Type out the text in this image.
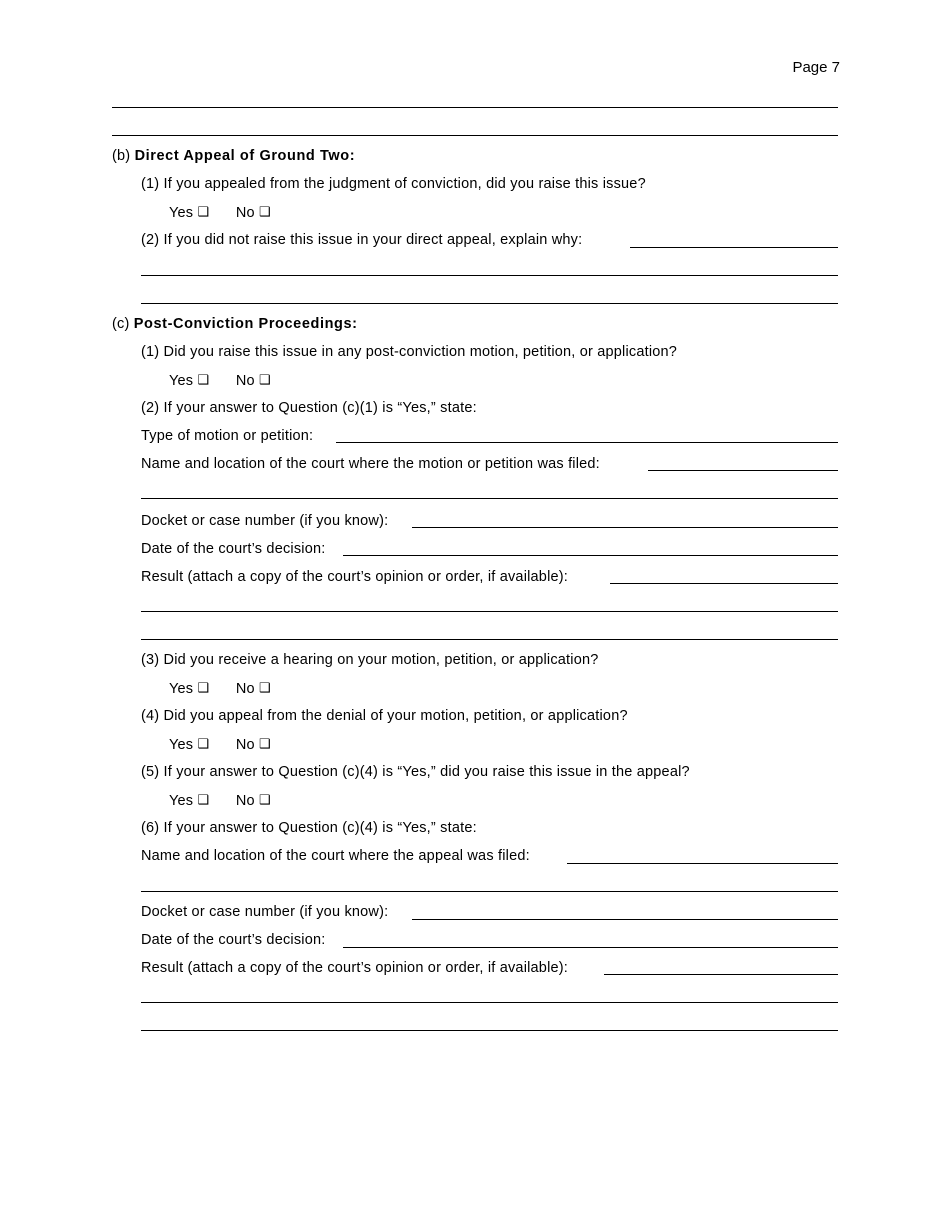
Page 7
(b) Direct Appeal of Ground Two:
(1) If you appealed from the judgment of conviction, did you raise this issue?
Yes ❑ No ❑
(2) If you did not raise this issue in your direct appeal, explain why:
(c) Post-Conviction Proceedings:
(1) Did you raise this issue in any post-conviction motion, petition, or application?
Yes ❑ No ❑
(2) If your answer to Question (c)(1) is “Yes,” state:
Type of motion or petition:
Name and location of the court where the motion or petition was filed:
Docket or case number (if you know):
Date of the court’s decision:
Result (attach a copy of the court’s opinion or order, if available):
(3) Did you receive a hearing on your motion, petition, or application?
Yes ❑ No ❑
(4) Did you appeal from the denial of your motion, petition, or application?
Yes ❑ No ❑
(5) If your answer to Question (c)(4) is “Yes,” did you raise this issue in the appeal?
Yes ❑ No ❑
(6) If your answer to Question (c)(4) is “Yes,” state:
Name and location of the court where the appeal was filed:
Docket or case number (if you know):
Date of the court’s decision:
Result (attach a copy of the court’s opinion or order, if available):
